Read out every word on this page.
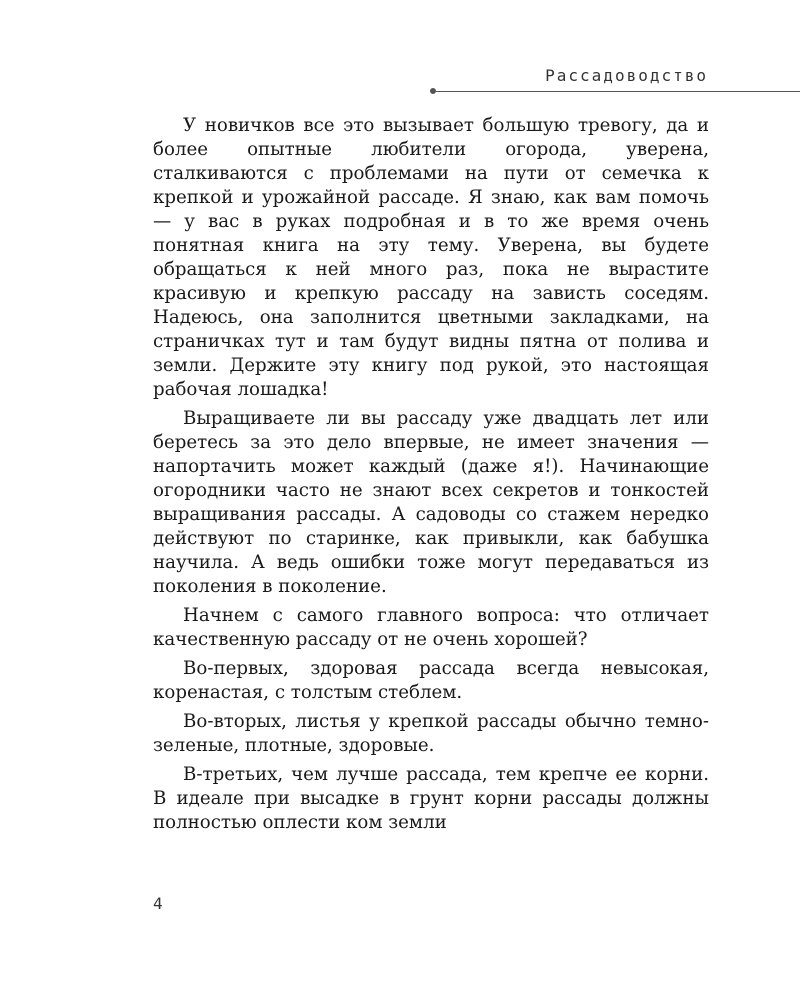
Рассадоводство

У новичков все это вызывает большую тревогу, да и более опытные любители огорода, уверена, сталкиваются с проблемами на пути от семечка к крепкой и урожайной рассаде. Я знаю, как вам помочь — у вас в руках подробная и в то же время очень понятная книга на эту тему. Уверена, вы будете обращаться к ней много раз, пока не вырастите красивую и крепкую рассаду на зависть соседям. Надеюсь, она заполнится цветными закладками, на страничках тут и там будут видны пятна от полива и земли. Держите эту книгу под рукой, это настоящая рабочая лошадка!

Выращиваете ли вы рассаду уже двадцать лет или беретесь за это дело впервые, не имеет значения — напортачить может каждый (даже я!). Начинающие огородники часто не знают всех секретов и тонкостей выращивания рассады. А садоводы со стажем нередко действуют по старинке, как привыкли, как бабушка научила. А ведь ошибки тоже могут передаваться из поколения в поколение.

Начнем с самого главного вопроса: что отличает качественную рассаду от не очень хорошей?

Во-первых, здоровая рассада всегда невысокая, коренастая, с толстым стеблем.

Во-вторых, листья у крепкой рассады обычно темно-зеленые, плотные, здоровые.

В-третьих, чем лучше рассада, тем крепче ее корни. В идеале при высадке в грунт корни рассады должны полностью оплести ком земли

4
